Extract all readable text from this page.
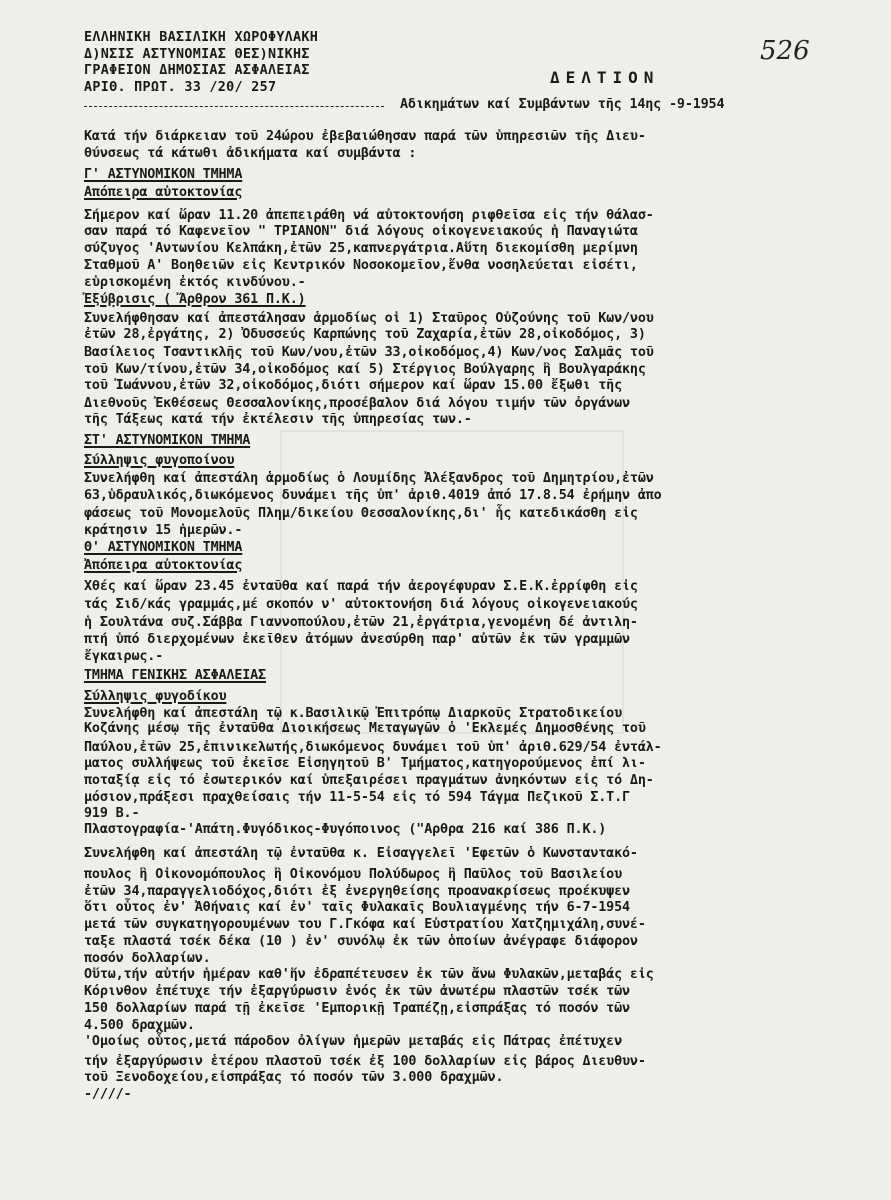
ΕΛΛΗΝΙΚΗ ΒΑΣΙΛΙΚΗ ΧΩΡΟΦΥΛΑΚΗ
Δ)ΝΣΙΣ ΑΣΤΥΝΟΜΙΑΣ ΘΕΣ)ΝΙΚΗΣ
ΓΡΑΦΕΙΟΝ ΔΗΜΟΣΙΑΣ ΑΣΦΑΛΕΙΑΣ
ΑΡΙΘ. ΠΡΩΤ. 33 /20/ 257
526
ΔΕΛΤΙΟΝ
Αδικημάτων καί Συμβάντων τῆς 14ης -9-1954
Κατά τήν διάρκειαν τοῦ 24ώρου ἐβεβαιώθησαν παρά τῶν ὑπηρεσιῶν τῆς Διευ-
θύνσεως τά κάτωθι ἀδικήματα καί συμβάντα :
Γ' ΑΣΤΥΝΟΜΙΚΟΝ ΤΜΗΜΑ
Απόπειρα αὐτοκτονίας
Σήμερον καί ὥραν 11.20 ἀπεπειράθη νά αὐτοκτονήση ριφθεῖσα εἰς τήν θάλασ-
σαν παρά τό Καφενεῖον " ΤΡΙΑΝΟΝ" διά λόγους οἰκογενειακούς ἡ Παναγιώτα
σύζυγος 'Αντωνίου Κελπάκη,ἐτῶν 25,καπνεργάτρια.Αὕτη διεκομίσθη μερίμνη
Σταθμοῦ Α' Βοηθειῶν εἰς Κεντρικόν Νοσοκομεῖον,ἔνθα νοσηλεύεται εἰσέτι,
εὑρισκομένη ἐκτός κινδύνου.-
Ἐξύβρισις ( Ἄρθρον 361 Π.Κ.)
Συνελήφθησαν καί ἀπεστάλησαν ἁρμοδίως οἱ 1) Σταῦρος Οὐζούνης τοῦ Κων/νου
ἐτῶν 28,ἐργάτης, 2) Ὀδυσσεύς Καρπώνης τοῦ Ζαχαρία,ἐτῶν 28,οἰκοδόμος, 3)
Βασίλειος Τσαντικλῆς τοῦ Κων/νου,ἐτῶν 33,οἰκοδόμος,4) Κων/νος Σαλμᾶς τοῦ
τοῦ Κων/τίνου,ἐτῶν 34,οἰκοδόμος καί 5) Στέργιος Βούλγαρης ἢ Βουλγαράκης
τοῦ Ἰωάννου,ἐτῶν 32,οἰκοδόμος,διότι σήμερον καί ὥραν 15.00 ἔξωθι τῆς
Διεθνοῦς Ἐκθέσεως Θεσσαλονίκης,προσέβαλον διά λόγου τιμήν τῶν ὀργάνων
τῆς Τάξεως κατά τήν ἐκτέλεσιν τῆς ὑπηρεσίας των.-
ΣΤ' ΑΣΤΥΝΟΜΙΚΟΝ ΤΜΗΜΑ
Σύλληψις φυγοποίνου
Συνελήφθη καί ἀπεστάλη ἁρμοδίως ὁ Λουμίδης Ἀλέξανδρος τοῦ Δημητρίου,ἐτῶν
63,ὑδραυλικός,διωκόμενος δυνάμει τῆς ὑπ' ἀριθ.4019 ἀπό 17.8.54 ἐρήμην ἀπο
φάσεως τοῦ Μονομελοῦς Πλημ/δικείου Θεσσαλονίκης,δι' ἧς κατεδικάσθη εἰς
κράτησιν 15 ἡμερῶν.-
Θ' ΑΣΤΥΝΟΜΙΚΟΝ ΤΜΗΜΑ
Ἀπόπειρα αὐτοκτονίας
Χθές καί ὥραν 23.45 ἐνταῦθα καί παρά τήν ἀερογέφυραν Σ.Ε.Κ.ἐρρίφθη εἰς
τάς Σιδ/κάς γραμμάς,μέ σκοπόν ν' αὐτοκτονήση διά λόγους οἰκογενειακούς
ἡ Σουλτάνα συζ.Σάββα Γιαννοπούλου,ἐτῶν 21,ἐργάτρια,γενομένη δέ ἀντιλη-
πτή ὑπό διερχομένων ἐκεῖθεν ἀτόμων ἀνεσύρθη παρ' αὐτῶν ἐκ τῶν γραμμῶν
ἔγκαιρως.-
ΤΜΗΜΑ ΓΕΝΙΚΗΣ ΑΣΦΑΛΕΙΑΣ
Σύλληψις φυγοδίκου
Συνελήφθη καί ἀπεστάλη τῷ κ.Βασιλικῷ Ἐπιτρόπῳ Διαρκοῦς Στρατοδικείου
Κοζάνης μέσῳ τῆς ἐνταῦθα Διοικήσεως Μεταγωγῶν ὁ 'Εκλεμές Δημοσθένης τοῦ
Παύλου,ἐτῶν 25,ἐπινικελωτής,διωκόμενος δυνάμει τοῦ ὑπ' ἀριθ.629/54 ἐντάλ-
ματος συλλήψεως τοῦ ἐκεῖσε Εἰσηγητοῦ Β' Τμήματος,κατηγορούμενος ἐπί λι-
ποταξίᾳ εἰς τό ἐσωτερικόν καί ὑπεξαιρέσει πραγμάτων ἀνηκόντων εἰς τό Δη-
μόσιον,πράξεσι πραχθείσαις τήν 11-5-54 εἰς τό 594 Τάγμα Πεζικοῦ Σ.Τ.Γ
919 Β.-
Πλαστογραφία-'Απάτη.Φυγόδικος-Φυγόποινος ("Αρθρα 216 καί 386 Π.Κ.)
Συνελήφθη καί ἀπεστάλη τῷ ἐνταῦθα κ. Εἰσαγγελεῖ 'Εφετῶν ὁ Κωνσταντακό-
πουλος ἢ Οἰκονομόπουλος ἢ Οἰκονόμου Πολύδωρος ἢ Παῦλος τοῦ Βασιλείου
ἐτῶν 34,παραγγελιοδόχος,διότι ἐξ ἐνεργηθείσης προανακρίσεως προέκυψεν
ὅτι οὗτος ἐν' Ἀθήναις καί ἐν' ταῖς Φυλακαῖς Βουλιαγμένης τήν 6-7-1954
μετά τῶν συγκατηγορουμένων του Γ.Γκόφα καί Εὐστρατίου Χατζημιχάλη,συνέ-
ταξε πλαστά τσέκ δέκα (10 ) ἐν' συνόλῳ ἐκ τῶν ὁποίων ἀνέγραφε διάφορον
ποσόν δολλαρίων.
Οὕτω,τήν αὐτήν ἡμέραν καθ'ἥν ἐδραπέτευσεν ἐκ τῶν ἄνω Φυλακῶν,μεταβάς εἰς
Κόρινθον ἐπέτυχε τήν ἐξαργύρωσιν ἑνός ἐκ τῶν ἀνωτέρω πλαστῶν τσέκ τῶν
150 δολλαρίων παρά τῇ ἐκεῖσε 'Εμπορικῇ Τραπέζῃ,εἰσπράξας τό ποσόν τῶν
4.500 δραχμῶν.
'Ομοίως οὗτος,μετά πάροδον ὀλίγων ἡμερῶν μεταβάς εἰς Πάτρας ἐπέτυχεν
τήν ἐξαργύρωσιν ἑτέρου πλαστοῦ τσέκ ἐξ 100 δολλαρίων εἰς βάρος Διευθυν-
τοῦ Ξενοδοχείου,εἰσπράξας τό ποσόν τῶν 3.000 δραχμῶν.
-////-
